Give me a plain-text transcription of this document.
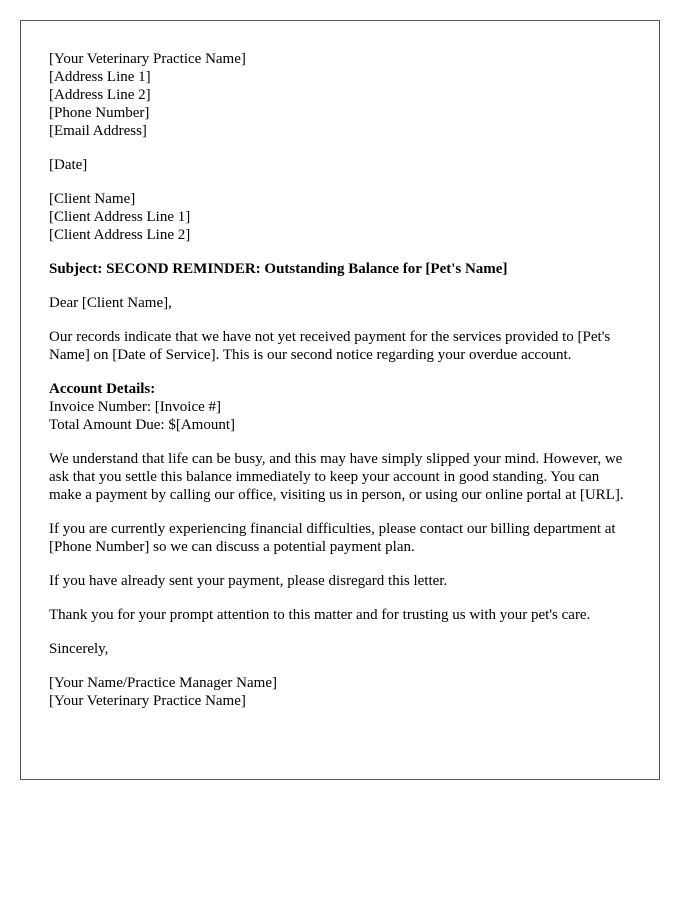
[Your Veterinary Practice Name]
[Address Line 1]
[Address Line 2]
[Phone Number]
[Email Address]
[Date]
[Client Name]
[Client Address Line 1]
[Client Address Line 2]

Subject: SECOND REMINDER: Outstanding Balance for [Pet's Name]

Dear [Client Name],

Our records indicate that we have not yet received payment for the services provided to [Pet's Name] on [Date of Service]. This is our second notice regarding your overdue account.

Account Details:
Invoice Number: [Invoice #]
Total Amount Due: $[Amount]

We understand that life can be busy, and this may have simply slipped your mind. However, we ask that you settle this balance immediately to keep your account in good standing. You can make a payment by calling our office, visiting us in person, or using our online portal at [URL].

If you are currently experiencing financial difficulties, please contact our billing department at [Phone Number] so we can discuss a potential payment plan.

If you have already sent your payment, please disregard this letter.

Thank you for your prompt attention to this matter and for trusting us with your pet's care.

Sincerely,

[Your Name/Practice Manager Name]
[Your Veterinary Practice Name]
